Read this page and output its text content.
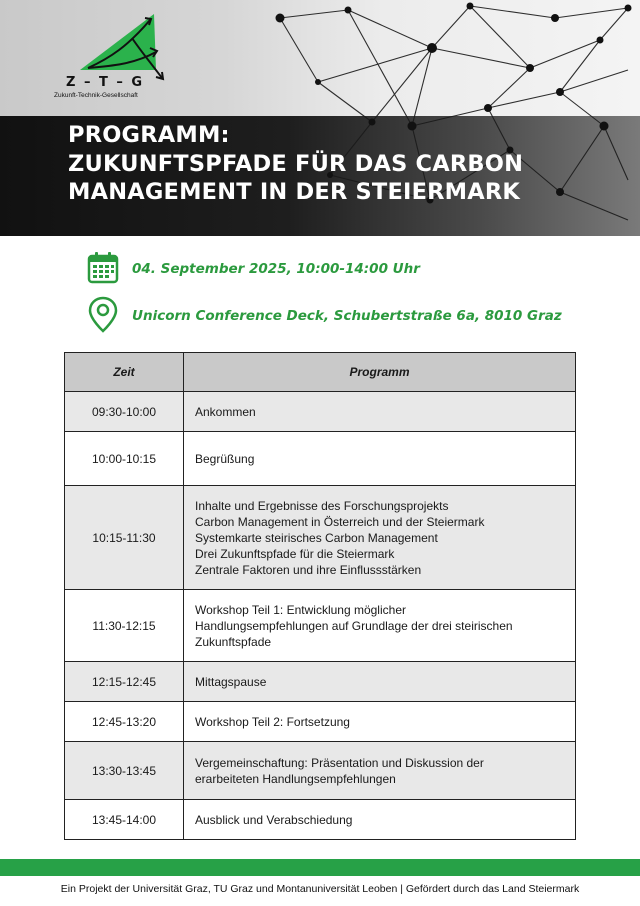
Z – T – G
Zukunft-Technik-Gesellschaft
PROGRAMM:
ZUKUNFTSPFADE FÜR DAS CARBON
MANAGEMENT IN DER STEIERMARK
04. September 2025, 10:00-14:00 Uhr
Unicorn Conference Deck, Schubertstraße 6a, 8010 Graz
Zeit	Programm
09:30-10:00	Ankommen

10:00-10:15	Begrüßung

10:15-11:30	Inhalte und Ergebnisse des Forschungsprojekts
Carbon Management in Österreich und der Steiermark
Systemkarte steirisches Carbon Management
Drei Zukunftspfade für die Steiermark
Zentrale Faktoren und ihre Einflussstärken

11:30-12:15	Workshop Teil 1: Entwicklung möglicher
Handlungsempfehlungen auf Grundlage der drei steirischen
Zukunftspfade

12:15-12:45	Mittagspause

12:45-13:20	Workshop Teil 2: Fortsetzung

13:30-13:45	Vergemeinschaftung: Präsentation und Diskussion der
erarbeiteten Handlungsempfehlungen

13:45-14:00	Ausblick und Verabschiedung
Ein Projekt der Universität Graz, TU Graz und Montanuniversität Leoben | Gefördert durch das Land Steiermark
